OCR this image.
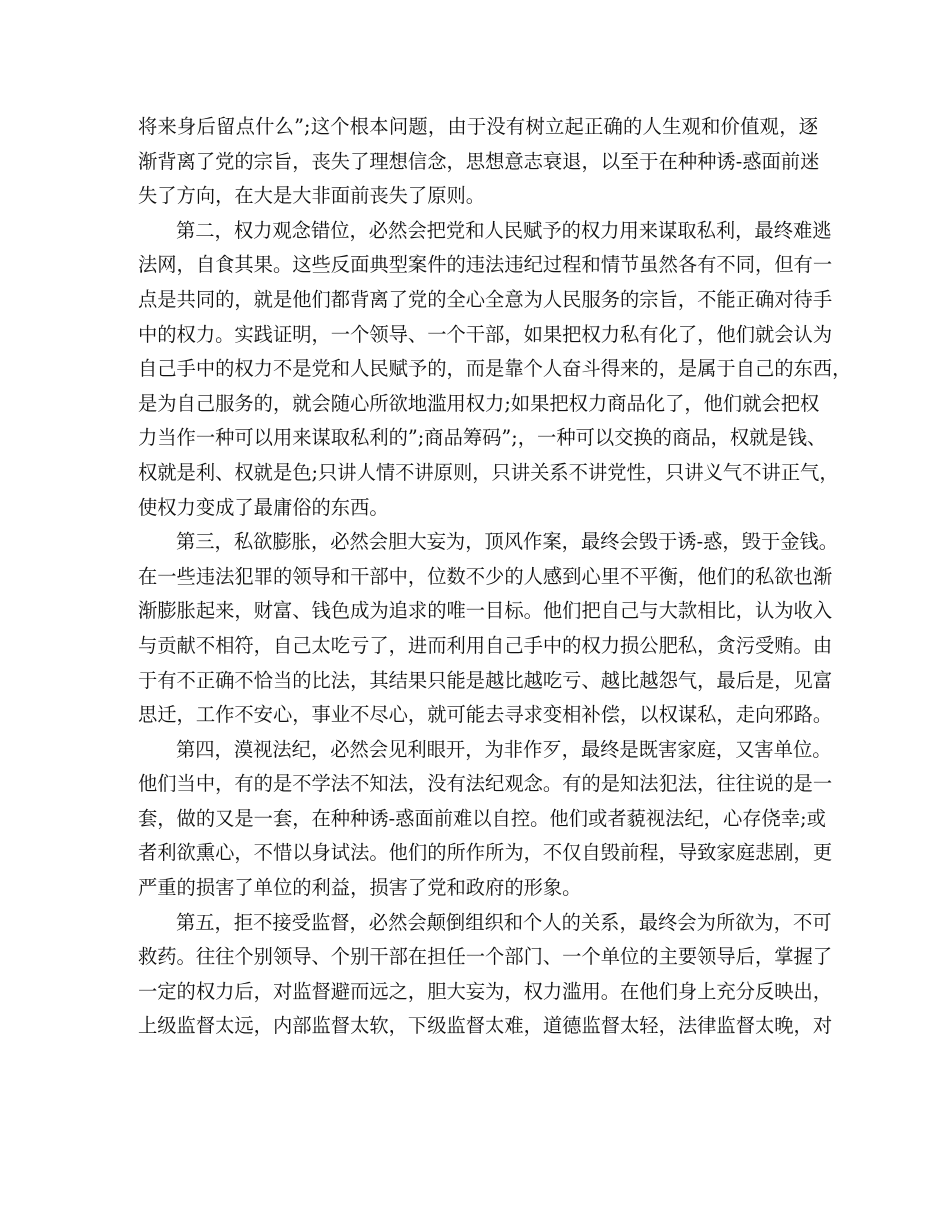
将来身后留点什么”;这个根本问题，由于没有树立起正确的人生观和价值观，逐
渐背离了党的宗旨，丧失了理想信念，思想意志衰退，以至于在种种诱-惑面前迷
失了方向，在大是大非面前丧失了原则。
第二，权力观念错位，必然会把党和人民赋予的权力用来谋取私利，最终难逃
法网，自食其果。这些反面典型案件的违法违纪过程和情节虽然各有不同，但有一
点是共同的，就是他们都背离了党的全心全意为人民服务的宗旨，不能正确对待手
中的权力。实践证明，一个领导、一个干部，如果把权力私有化了，他们就会认为
自己手中的权力不是党和人民赋予的，而是靠个人奋斗得来的，是属于自己的东西，
是为自己服务的，就会随心所欲地滥用权力;如果把权力商品化了，他们就会把权
力当作一种可以用来谋取私利的”;商品筹码”;，一种可以交换的商品，权就是钱、
权就是利、权就是色;只讲人情不讲原则，只讲关系不讲党性，只讲义气不讲正气，
使权力变成了最庸俗的东西。
第三，私欲膨胀，必然会胆大妄为，顶风作案，最终会毁于诱-惑，毁于金钱。
在一些违法犯罪的领导和干部中，位数不少的人感到心里不平衡，他们的私欲也渐
渐膨胀起来，财富、钱色成为追求的唯一目标。他们把自己与大款相比，认为收入
与贡献不相符，自己太吃亏了，进而利用自己手中的权力损公肥私，贪污受贿。由
于有不正确不恰当的比法，其结果只能是越比越吃亏、越比越怨气，最后是，见富
思迁，工作不安心，事业不尽心，就可能去寻求变相补偿，以权谋私，走向邪路。
第四，漠视法纪，必然会见利眼开，为非作歹，最终是既害家庭，又害单位。
他们当中，有的是不学法不知法，没有法纪观念。有的是知法犯法，往往说的是一
套，做的又是一套，在种种诱-惑面前难以自控。他们或者藐视法纪，心存侥幸;或
者利欲熏心，不惜以身试法。他们的所作所为，不仅自毁前程，导致家庭悲剧，更
严重的损害了单位的利益，损害了党和政府的形象。
第五，拒不接受监督，必然会颠倒组织和个人的关系，最终会为所欲为，不可
救药。往往个别领导、个别干部在担任一个部门、一个单位的主要领导后，掌握了
一定的权力后，对监督避而远之，胆大妄为，权力滥用。在他们身上充分反映出，
上级监督太远，内部监督太软，下级监督太难，道德监督太轻，法律监督太晚，对
